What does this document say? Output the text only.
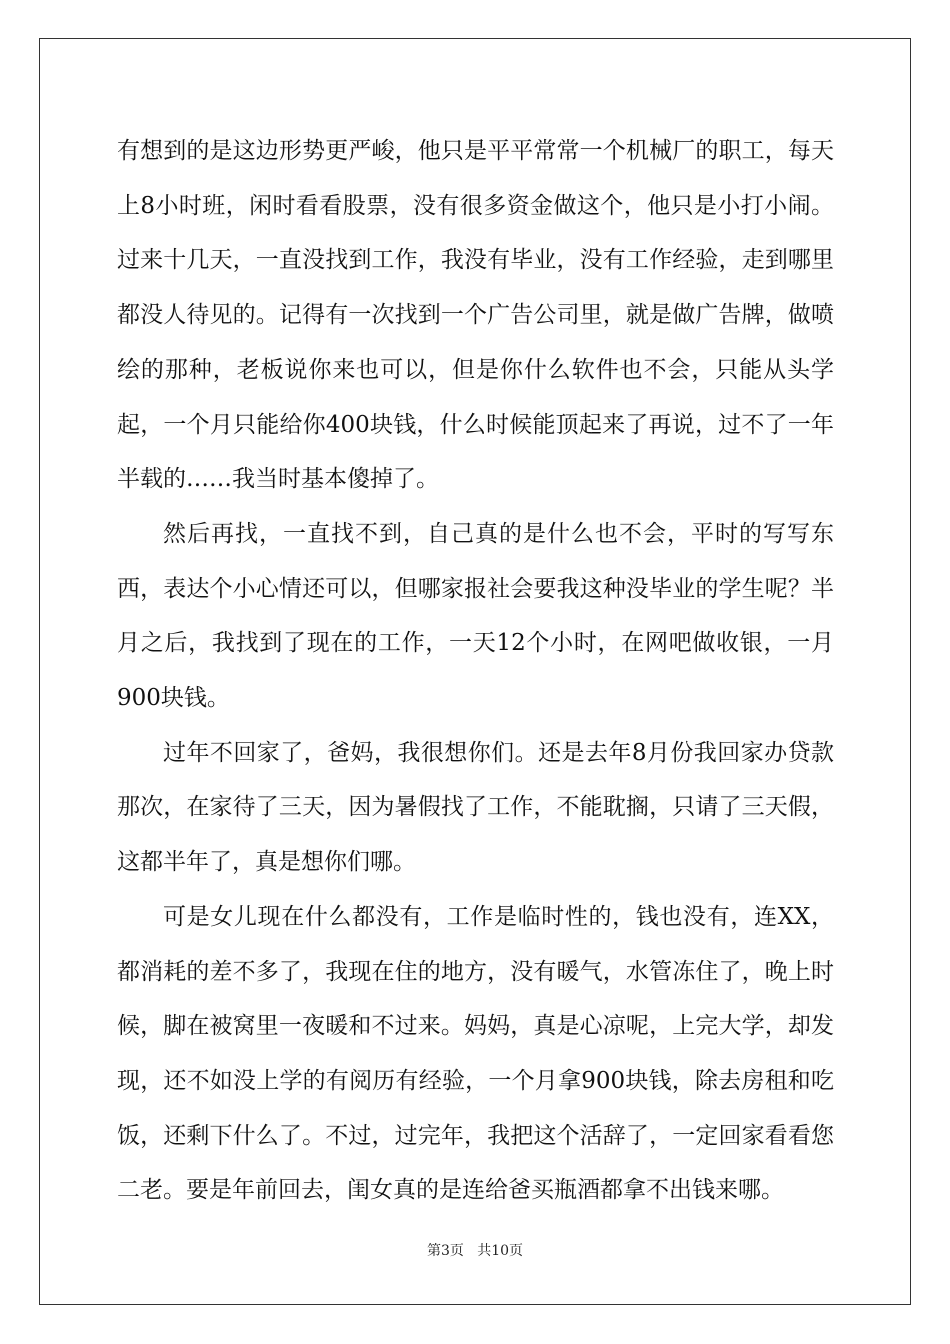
有想到的是这边形势更严峻，他只是平平常常一个机械厂的职工，每天上8小时班，闲时看看股票，没有很多资金做这个，他只是小打小闹。过来十几天，一直没找到工作，我没有毕业，没有工作经验，走到哪里都没人待见的。记得有一次找到一个广告公司里，就是做广告牌，做喷绘的那种，老板说你来也可以，但是你什么软件也不会，只能从头学起，一个月只能给你400块钱，什么时候能顶起来了再说，过不了一年半载的……我当时基本傻掉了。

然后再找，一直找不到，自己真的是什么也不会，平时的写写东西，表达个小心情还可以，但哪家报社会要我这种没毕业的学生呢？半月之后，我找到了现在的工作，一天12个小时，在网吧做收银，一月900块钱。

过年不回家了，爸妈，我很想你们。还是去年8月份我回家办贷款那次，在家待了三天，因为暑假找了工作，不能耽搁，只请了三天假，这都半年了，真是想你们哪。

可是女儿现在什么都没有，工作是临时性的，钱也没有，连XX，都消耗的差不多了，我现在住的地方，没有暖气，水管冻住了，晚上时候，脚在被窝里一夜暖和不过来。妈妈，真是心凉呢，上完大学，却发现，还不如没上学的有阅历有经验，一个月拿900块钱，除去房租和吃饭，还剩下什么了。不过，过完年，我把这个活辞了，一定回家看看您二老。要是年前回去，闺女真的是连给爸买瓶酒都拿不出钱来哪。

第3页   共10页
